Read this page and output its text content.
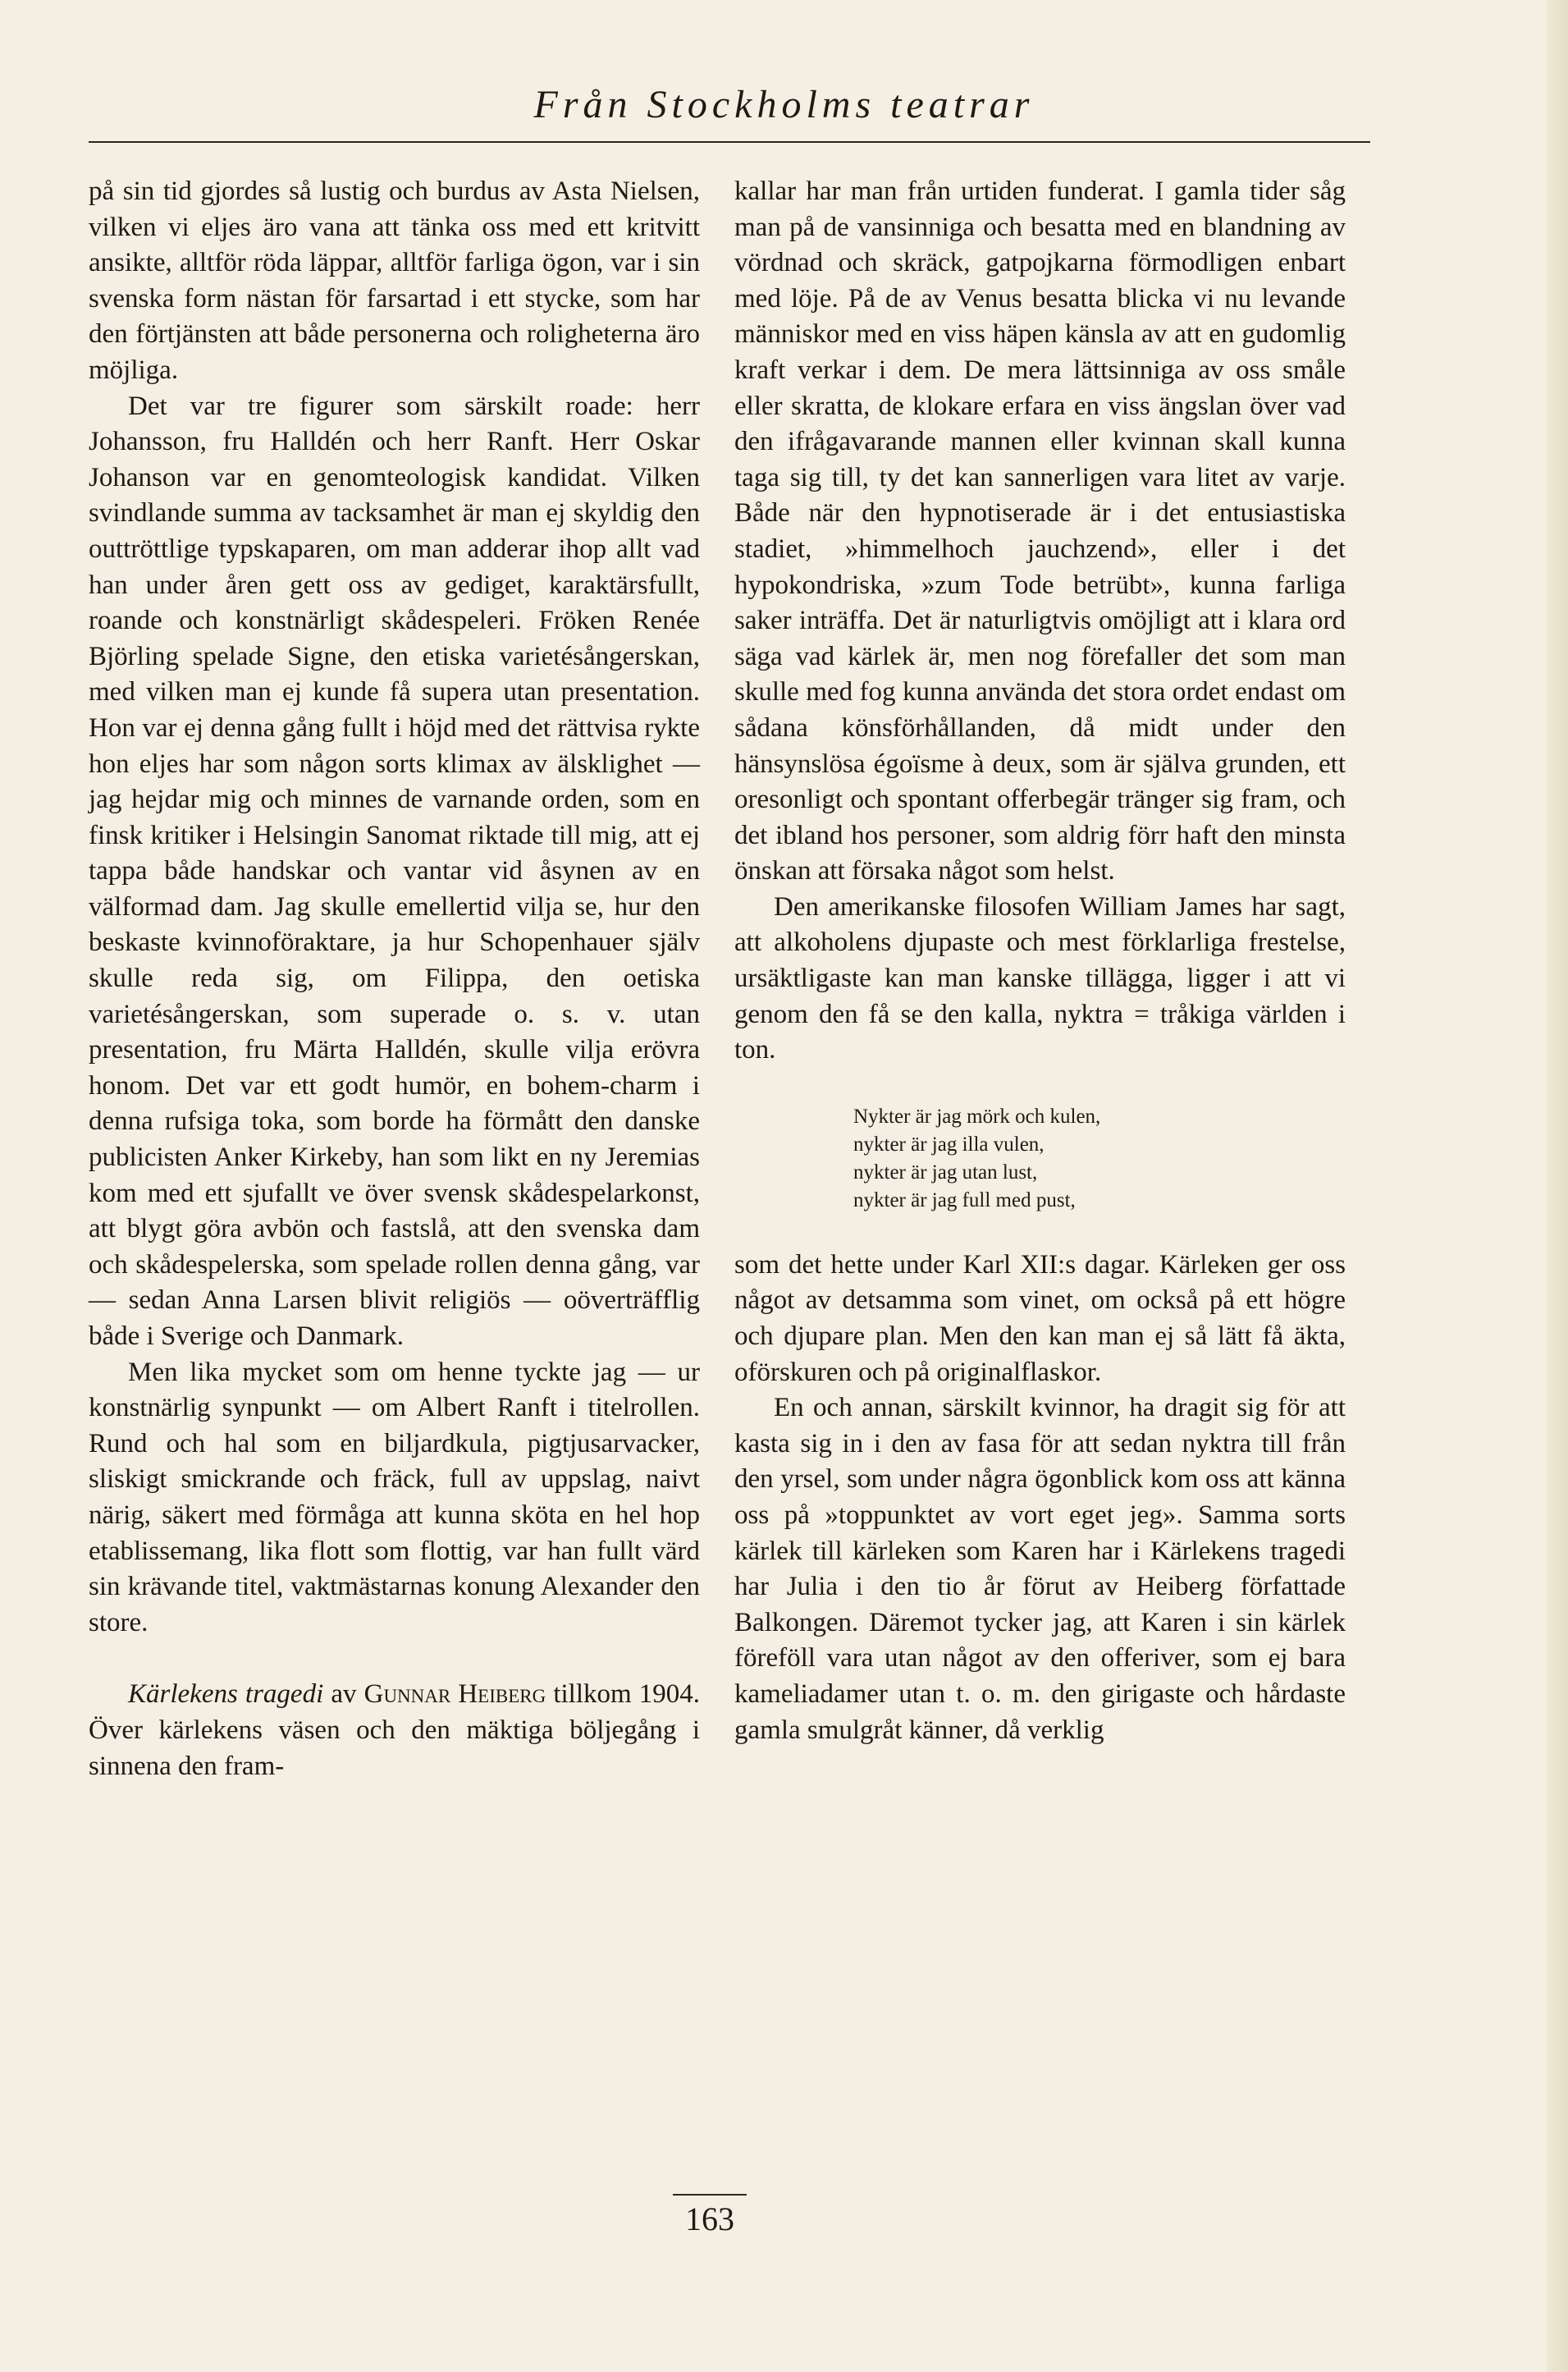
Från Stockholms teatrar

på sin tid gjordes så lustig och burdus av Asta Nielsen, vilken vi eljes äro vana att tänka oss med ett kritvitt ansikte, alltför röda läppar, alltför farliga ögon, var i sin svenska form nästan för farsartad i ett stycke, som har den förtjänsten att både personerna och roligheterna äro möjliga.

Det var tre figurer som särskilt roade: herr Johansson, fru Halldén och herr Ranft. Herr Oskar Johanson var en genomteologisk kandidat. Vilken svindlande summa av tacksamhet är man ej skyldig den outtröttlige typskaparen, om man adderar ihop allt vad han under åren gett oss av gediget, karaktärsfullt, roande och konstnärligt skådespeleri. Fröken Renée Björling spelade Signe, den etiska varietésångerskan, med vilken man ej kunde få supera utan presentation. Hon var ej denna gång fullt i höjd med det rättvisa rykte hon eljes har som någon sorts klimax av älsklighet — jag hejdar mig och minnes de varnande orden, som en finsk kritiker i Helsingin Sanomat riktade till mig, att ej tappa både handskar och vantar vid åsynen av en välformad dam. Jag skulle emellertid vilja se, hur den beskaste kvinnoföraktare, ja hur Schopenhauer själv skulle reda sig, om Filippa, den oetiska varietésångerskan, som superade o. s. v. utan presentation, fru Märta Halldén, skulle vilja erövra honom. Det var ett godt humör, en bohem-charm i denna rufsiga toka, som borde ha förmått den danske publicisten Anker Kirkeby, han som likt en ny Jeremias kom med ett sjufallt ve över svensk skådespelarkonst, att blygt göra avbön och fastslå, att den svenska dam och skådespelerska, som spelade rollen denna gång, var — sedan Anna Larsen blivit religiös — oöverträfflig både i Sverige och Danmark.

Men lika mycket som om henne tyckte jag — ur konstnärlig synpunkt — om Albert Ranft i titelrollen. Rund och hal som en biljardkula, pigtjusarvacker, sliskigt smickrande och fräck, full av uppslag, naivt närig, säkert med förmåga att kunna sköta en hel hop etablissemang, lika flott som flottig, var han fullt värd sin krävande titel, vaktmästarnas konung Alexander den store.

Kärlekens tragedi av Gunnar Heiberg tillkom 1904. Över kärlekens väsen och den mäktiga böljegång i sinnena den fram-

kallar har man från urtiden funderat. I gamla tider såg man på de vansinniga och besatta med en blandning av vördnad och skräck, gatpojkarna förmodligen enbart med löje. På de av Venus besatta blicka vi nu levande människor med en viss häpen känsla av att en gudomlig kraft verkar i dem. De mera lättsinniga av oss småle eller skratta, de klokare erfara en viss ängslan över vad den ifrågavarande mannen eller kvinnan skall kunna taga sig till, ty det kan sannerligen vara litet av varje. Både när den hypnotiserade är i det entusiastiska stadiet, »himmelhoch jauchzend», eller i det hypokondriska, »zum Tode betrübt», kunna farliga saker inträffa. Det är naturligtvis omöjligt att i klara ord säga vad kärlek är, men nog förefaller det som man skulle med fog kunna använda det stora ordet endast om sådana könsförhållanden, då midt under den hänsynslösa égoïsme à deux, som är själva grunden, ett oresonligt och spontant offerbegär tränger sig fram, och det ibland hos personer, som aldrig förr haft den minsta önskan att försaka något som helst.

Den amerikanske filosofen William James har sagt, att alkoholens djupaste och mest förklarliga frestelse, ursäktligaste kan man kanske tillägga, ligger i att vi genom den få se den kalla, nyktra = tråkiga världen i ton.

Nykter är jag mörk och kulen,
nykter är jag illa vulen,
nykter är jag utan lust,
nykter är jag full med pust,

som det hette under Karl XII:s dagar. Kärleken ger oss något av detsamma som vinet, om också på ett högre och djupare plan. Men den kan man ej så lätt få äkta, oförskuren och på originalflaskor.

En och annan, särskilt kvinnor, ha dragit sig för att kasta sig in i den av fasa för att sedan nyktra till från den yrsel, som under några ögonblick kom oss att känna oss på »toppunktet av vort eget jeg». Samma sorts kärlek till kärleken som Karen har i Kärlekens tragedi har Julia i den tio år förut av Heiberg författade Balkongen. Däremot tycker jag, att Karen i sin kärlek föreföll vara utan något av den offeriver, som ej bara kameliadamer utan t. o. m. den girigaste och hårdaste gamla smulgråt känner, då verklig

163
